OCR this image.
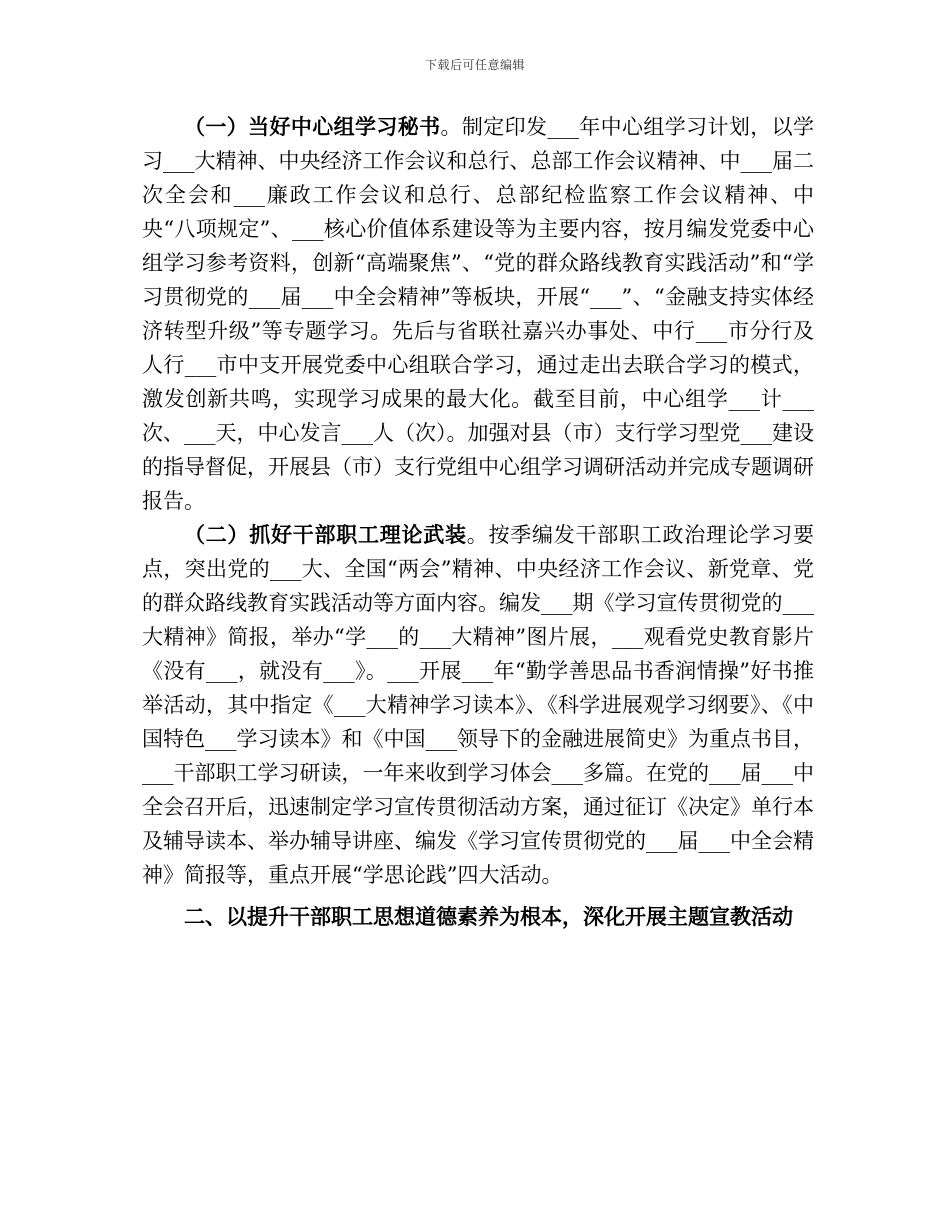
下载后可任意编辑

（一）当好中心组学习秘书。制定印发___年中心组学习计划，以学习___大精神、中央经济工作会议和总行、总部工作会议精神、中___届二次全会和___廉政工作会议和总行、总部纪检监察工作会议精神、中央“八项规定”、___核心价值体系建设等为主要内容，按月编发党委中心组学习参考资料，创新“高端聚焦”、“党的群众路线教育实践活动”和“学习贯彻党的___届___中全会精神”等板块，开展“___”、“金融支持实体经济转型升级”等专题学习。先后与省联社嘉兴办事处、中行___市分行及人行___市中支开展党委中心组联合学习，通过走出去联合学习的模式，激发创新共鸣，实现学习成果的最大化。截至目前，中心组学___计___次、___天，中心发言___人（次）。加强对县（市）支行学习型党___建设的指导督促，开展县（市）支行党组中心组学习调研活动并完成专题调研报告。

（二）抓好干部职工理论武装。按季编发干部职工政治理论学习要点，突出党的___大、全国“两会”精神、中央经济工作会议、新党章、党的群众路线教育实践活动等方面内容。编发___期《学习宣传贯彻党的___大精神》简报，举办“学___的___大精神”图片展，___观看党史教育影片《没有___，就没有___》。___开展___年“勤学善思品书香润情操”好书推举活动，其中指定《___大精神学习读本》、《科学进展观学习纲要》、《中国特色___学习读本》和《中国___领导下的金融进展简史》为重点书目，___干部职工学习研读，一年来收到学习体会___多篇。在党的___届___中全会召开后，迅速制定学习宣传贯彻活动方案，通过征订《决定》单行本及辅导读本、举办辅导讲座、编发《学习宣传贯彻党的___届___中全会精神》简报等，重点开展“学思论践”四大活动。

二、以提升干部职工思想道德素养为根本，深化开展主题宣教活动
